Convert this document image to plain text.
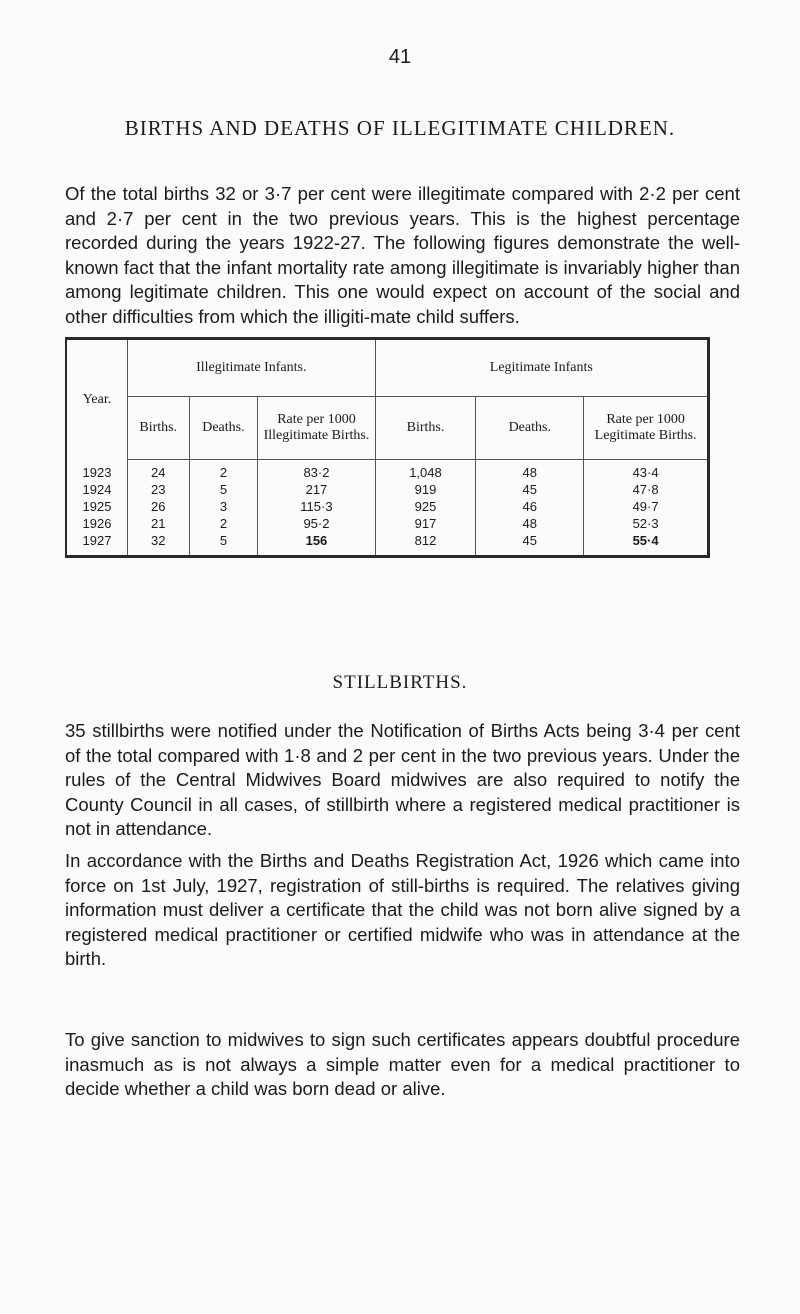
41
BIRTHS AND DEATHS OF ILLEGITIMATE CHILDREN.

Of the total births 32 or 3·7 per cent were illegitimate compared with 2·2 per cent and 2·7 per cent in the two previous years. This is the highest percentage recorded during the years 1922-27. The following figures demonstrate the well-known fact that the infant mortality rate among illegitimate is invariably higher than among legitimate children. This one would expect on account of the social and other difficulties from which the illigiti-mate child suffers.

Year.	Illegitimate Infants.			Legitimate Infants		
	Births.	Deaths.	Rate per 1000 Illegitimate Births.	Births.	Deaths.	Rate per 1000 Legitimate Births.
1923	24	2	83·2	1,048	48	43·4
1924	23	5	217	919	45	47·8
1925	26	3	115·3	925	46	49·7
1926	21	2	95·2	917	48	52·3
1927	32	5	156	812	45	55·4
STILLBIRTHS.

35 stillbirths were notified under the Notification of Births Acts being 3·4 per cent of the total compared with 1·8 and 2 per cent in the two previous years. Under the rules of the Central Midwives Board midwives are also required to notify the County Council in all cases, of stillbirth where a registered medical practitioner is not in attendance.

In accordance with the Births and Deaths Registration Act, 1926 which came into force on 1st July, 1927, registration of still-births is required. The relatives giving information must deliver a certificate that the child was not born alive signed by a registered medical practitioner or certified midwife who was in attendance at the birth.

To give sanction to midwives to sign such certificates appears doubtful procedure inasmuch as is not always a simple matter even for a medical practitioner to decide whether a child was born dead or alive.
